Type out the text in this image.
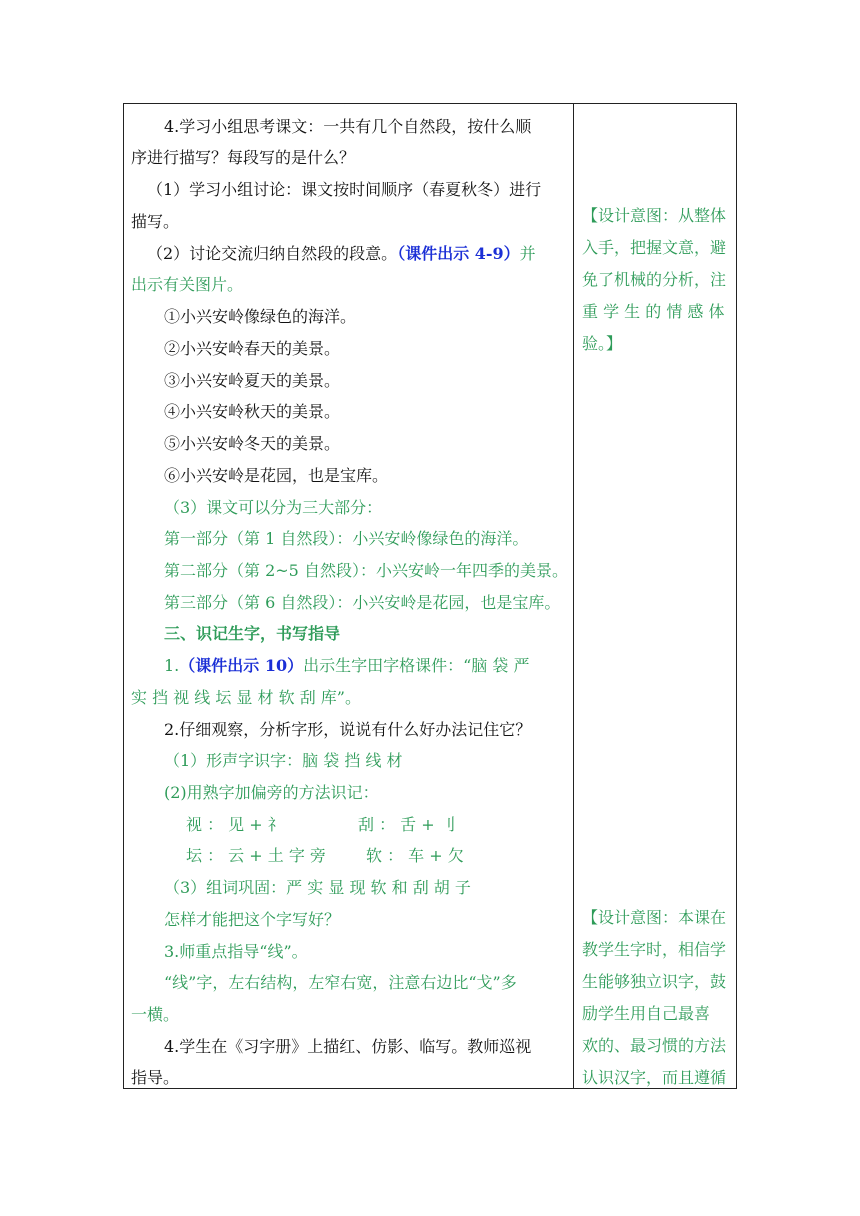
4.学习小组思考课文：一共有几个自然段，按什么顺
序进行描写？每段写的是什么？
（1）学习小组讨论：课文按时间顺序（春夏秋冬）进行
描写。
（2）讨论交流归纳自然段的段意。（课件出示 4-9）并
出示有关图片。
①小兴安岭像绿色的海洋。
②小兴安岭春天的美景。
③小兴安岭夏天的美景。
④小兴安岭秋天的美景。
⑤小兴安岭冬天的美景。
⑥小兴安岭是花园，也是宝库。
（3）课文可以分为三大部分：
第一部分（第 1 自然段）：小兴安岭像绿色的海洋。
第二部分（第 2~5 自然段）：小兴安岭一年四季的美景。
第三部分（第 6 自然段）：小兴安岭是花园，也是宝库。
三、识记生字，书写指导
1.（课件出示 10）出示生字田字格课件：“脑 袋 严
实 挡 视 线 坛 显 材 软 刮 库”。
2.仔细观察，分析字形，说说有什么好办法记住它？
（1）形声字识字：脑 袋 挡 线 材
(2)用熟字加偏旁的方法识记：
视 ： 见 + 礻	刮 ： 舌 + 刂
坛 ： 云 + 土 字 旁	软 ： 车 + 欠
（3）组词巩固：严 实 显 现 软 和 刮 胡 子
怎样才能把这个字写好？
3.师重点指导“线”。
“线”字，左右结构，左窄右宽，注意右边比“戈”多
一横。
4.学生在《习字册》上描红、仿影、临写。教师巡视
指导。
【设计意图：从整体
入手，把握文意，避
免了机械的分析，注
重 学 生 的 情 感 体
验。】
【设计意图：本课在
教学生字时，相信学
生能够独立识字，鼓
励学生用自己最喜
欢的、最习惯的方法
认识汉字，而且遵循
